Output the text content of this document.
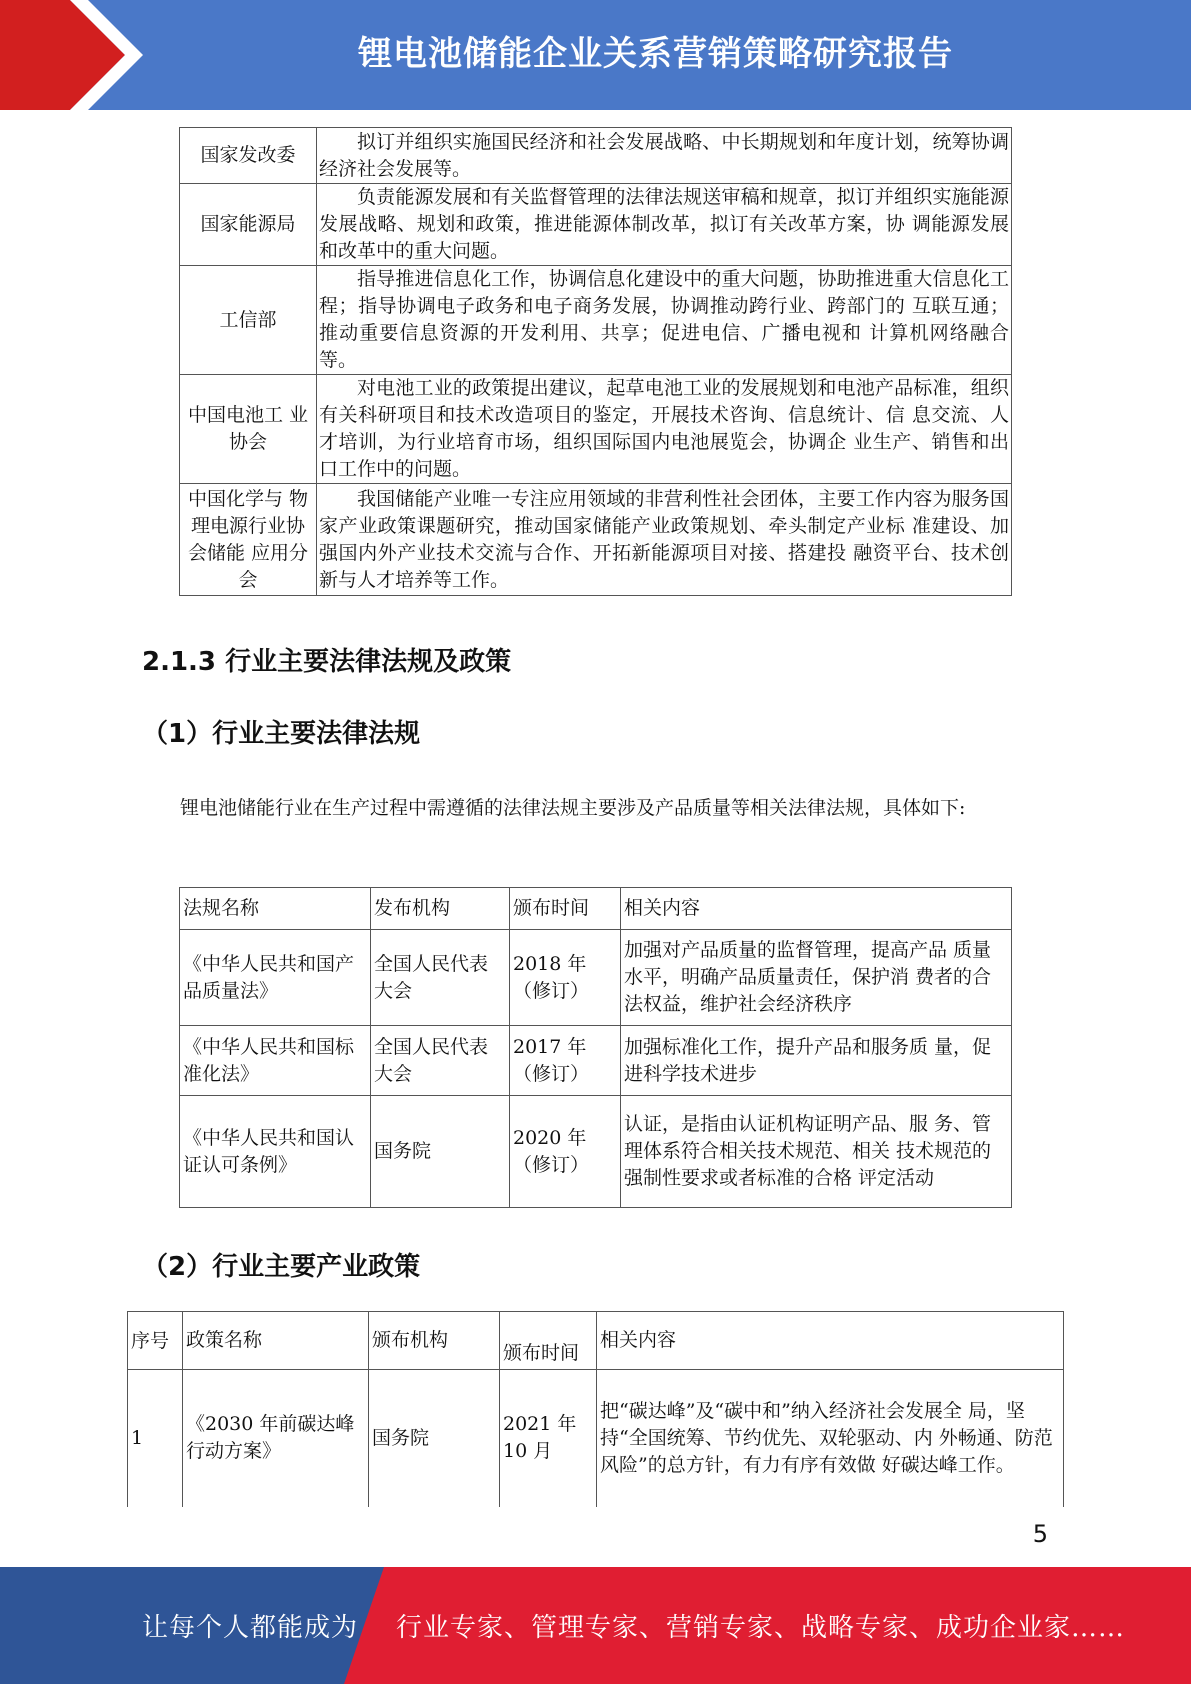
锂电池储能企业关系营销策略研究报告
国家发改委	拟订并组织实施国民经济和社会发展战略、中长期规划和年度计划，统筹协调经济社会发展等。
国家能源局	负责能源发展和有关监督管理的法律法规送审稿和规章，拟订并组织实施能源发展战略、规划和政策，推进能源体制改革，拟订有关改革方案，协 调能源发展和改革中的重大问题。
工信部	指导推进信息化工作，协调信息化建设中的重大问题，协助推进重大信息化工程；指导协调电子政务和电子商务发展，协调推动跨行业、跨部门的 互联互通；推动重要信息资源的开发利用、共享；促进电信、广播电视和 计算机网络融合等。
中国电池工 业协会	对电池工业的政策提出建议，起草电池工业的发展规划和电池产品标准，组织有关科研项目和技术改造项目的鉴定，开展技术咨询、信息统计、信 息交流、人才培训，为行业培育市场，组织国际国内电池展览会，协调企 业生产、销售和出口工作中的问题。
中国化学与 物理电源行业协会储能 应用分会	我国储能产业唯一专注应用领域的非营利性社会团体，主要工作内容为服务国家产业政策课题研究，推动国家储能产业政策规划、牵头制定产业标 准建设、加强国内外产业技术交流与合作、开拓新能源项目对接、搭建投 融资平台、技术创新与人才培养等工作。
2.1.3 行业主要法律法规及政策
（1）行业主要法律法规
锂电池储能行业在生产过程中需遵循的法律法规主要涉及产品质量等相关法律法规，具体如下:
法规名称	发布机构	颁布时间	相关内容
《中华人民共和国产品质量法》	全国人民代表大会	2018 年（修订）	加强对产品质量的监督管理，提高产品 质量水平，明确产品质量责任，保护消 费者的合法权益，维护社会经济秩序
《中华人民共和国标准化法》	全国人民代表大会	2017 年（修订）	加强标准化工作，提升产品和服务质 量，促进科学技术进步
《中华人民共和国认证认可条例》	国务院	2020 年（修订）	认证，是指由认证机构证明产品、服 务、管理体系符合相关技术规范、相关 技术规范的强制性要求或者标准的合格 评定活动
（2）行业主要产业政策
序号	政策名称	颁布机构	颁布时间	相关内容
1	《2030 年前碳达峰行动方案》	国务院	2021 年 10 月	把“碳达峰”及“碳中和”纳入经济社会发展全 局，坚持“全国统筹、节约优先、双轮驱动、内 外畅通、防范风险”的总方针，有力有序有效做 好碳达峰工作。
5
让每个人都能成为 行业专家、管理专家、营销专家、战略专家、成功企业家……
